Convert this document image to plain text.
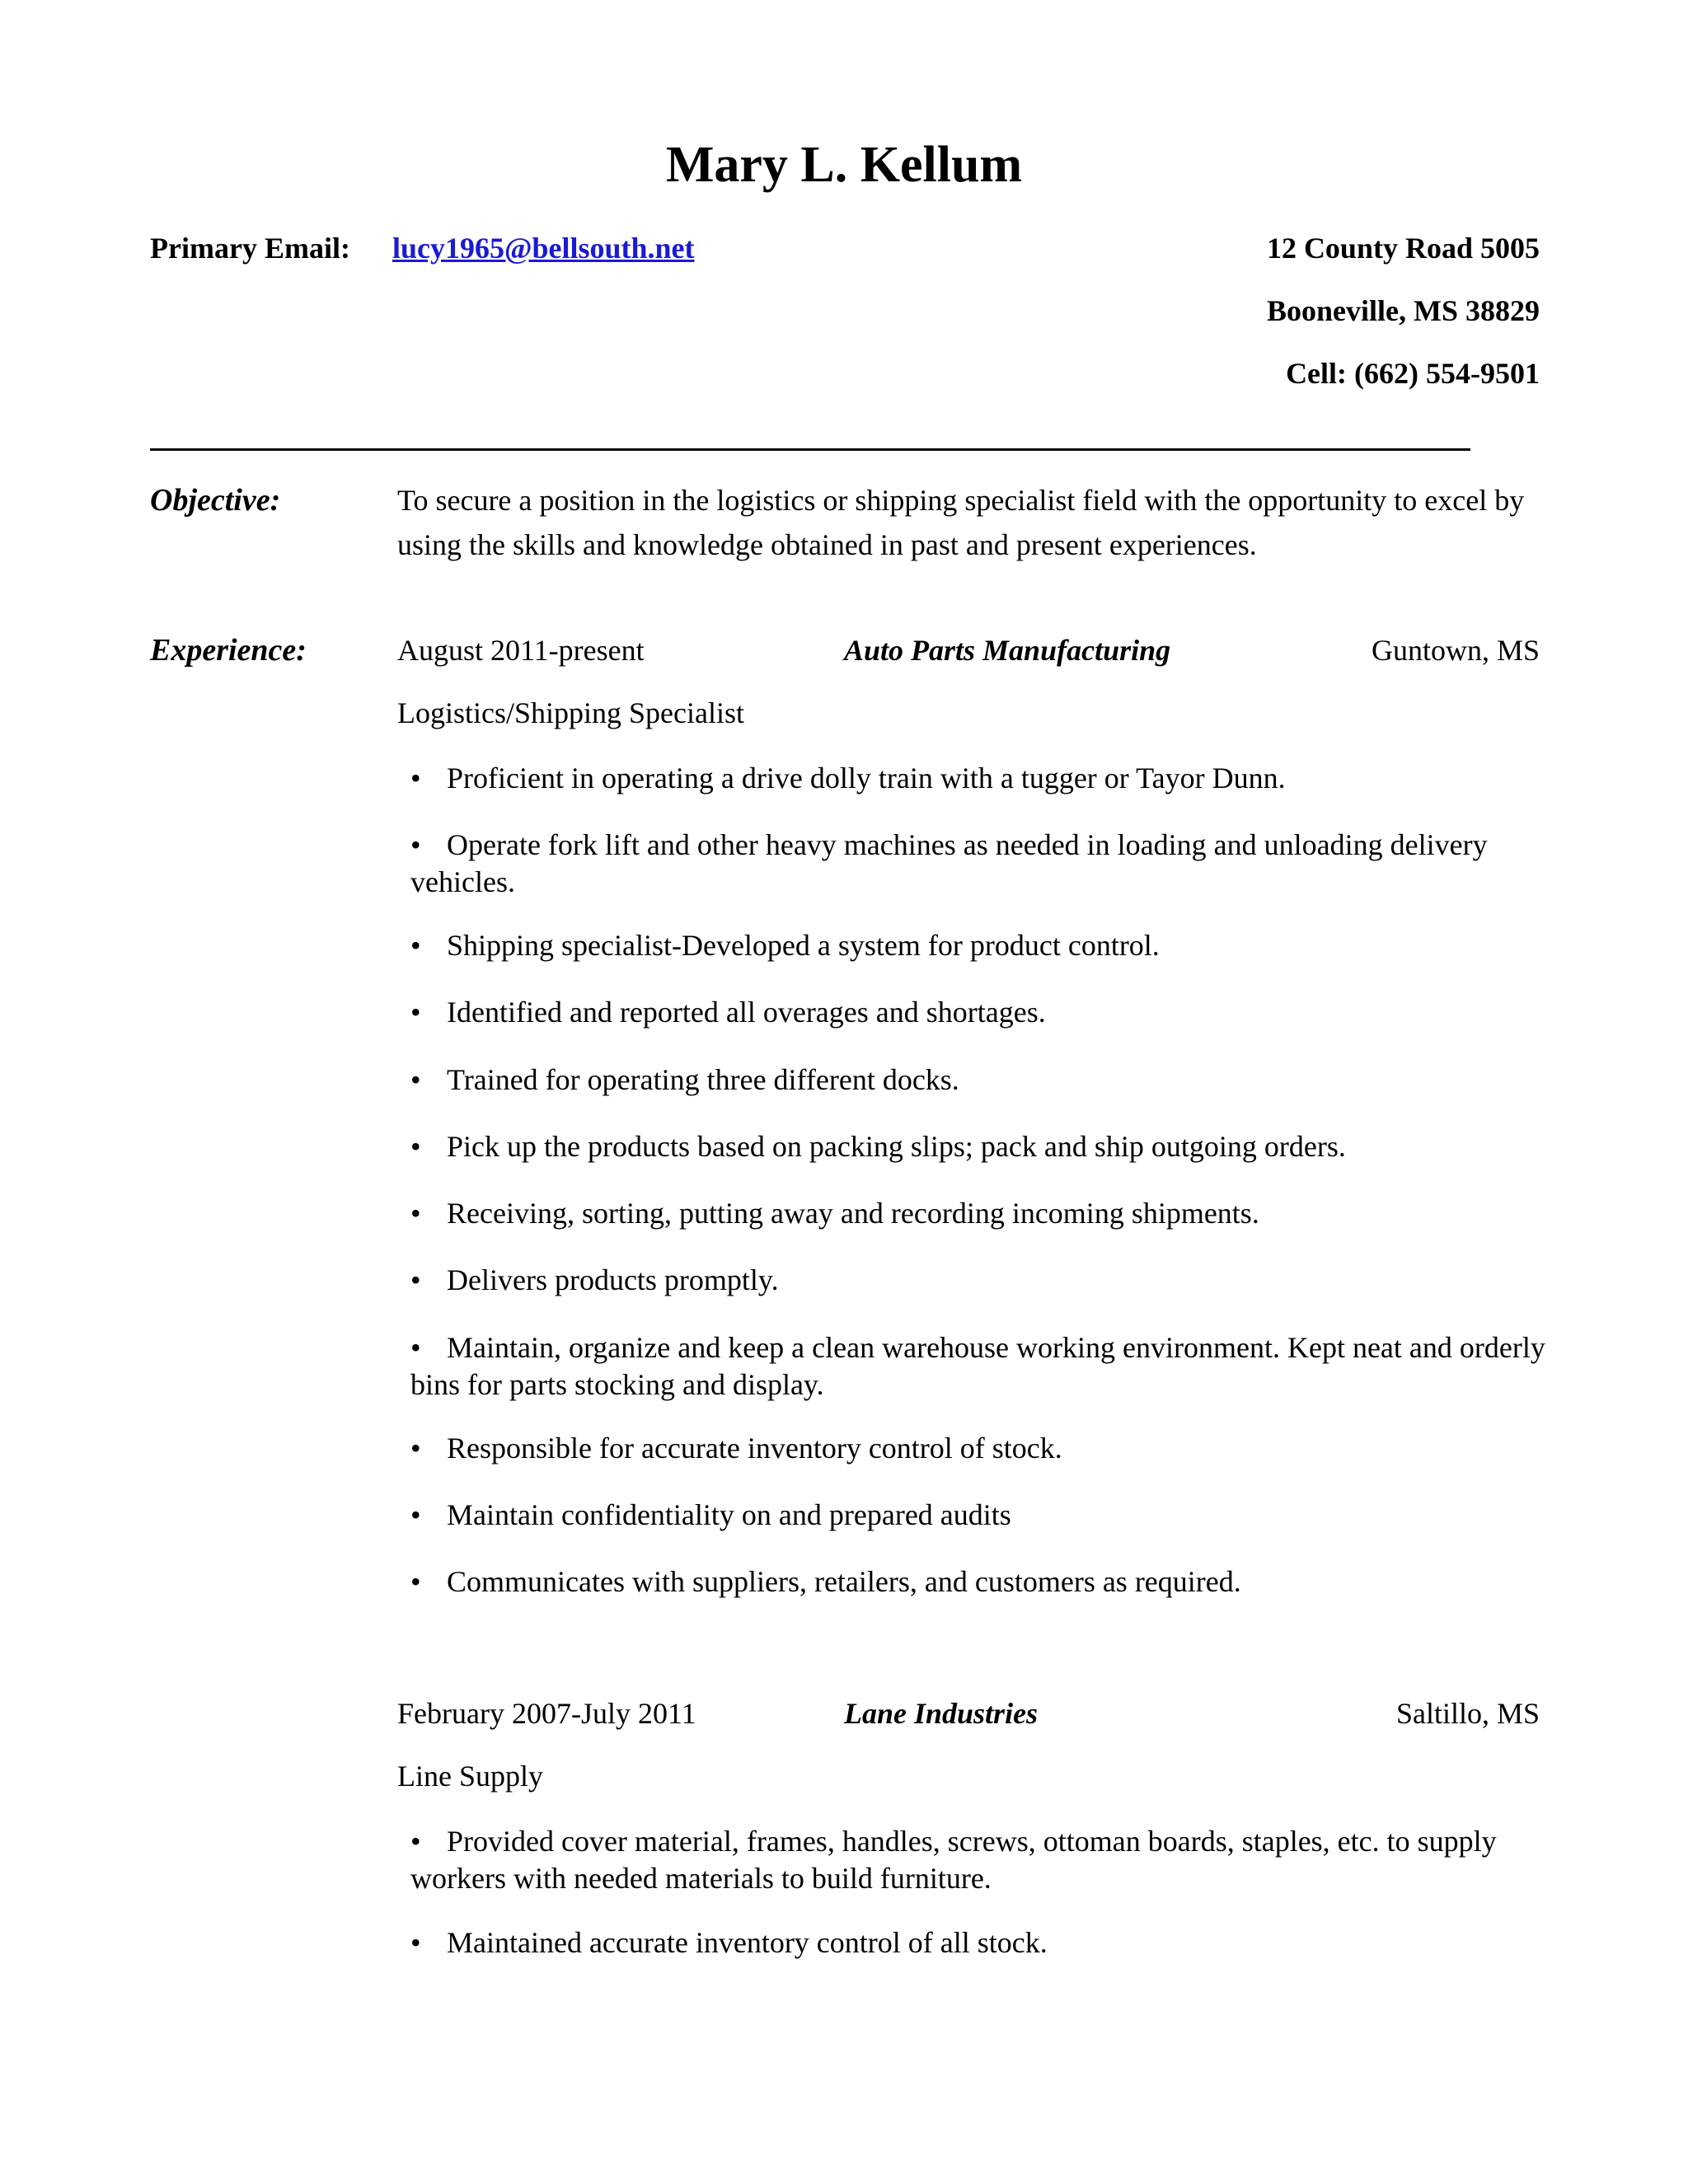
Mary L. Kellum
Primary Email: lucy1965@bellsouth.net	12 County Road 5005
Booneville, MS 38829
Cell: (662) 554-9501
Objective:	To secure a position in the logistics or shipping specialist field with the opportunity to excel by using the skills and knowledge obtained in past and present experiences.
Experience:	August 2011-present	Auto Parts Manufacturing	Guntown, MS
Logistics/Shipping Specialist
• Proficient in operating a drive dolly train with a tugger or Tayor Dunn.
• Operate fork lift and other heavy machines as needed in loading and unloading delivery vehicles.
• Shipping specialist-Developed a system for product control.
• Identified and reported all overages and shortages.
• Trained for operating three different docks.
• Pick up the products based on packing slips; pack and ship outgoing orders.
• Receiving, sorting, putting away and recording incoming shipments.
• Delivers products promptly.
• Maintain, organize and keep a clean warehouse working environment. Kept neat and orderly bins for parts stocking and display.
• Responsible for accurate inventory control of stock.
• Maintain confidentiality on and prepared audits
• Communicates with suppliers, retailers, and customers as required.
February 2007-July 2011	Lane Industries	Saltillo, MS
Line Supply
• Provided cover material, frames, handles, screws, ottoman boards, staples, etc. to supply workers with needed materials to build furniture.
• Maintained accurate inventory control of all stock.
